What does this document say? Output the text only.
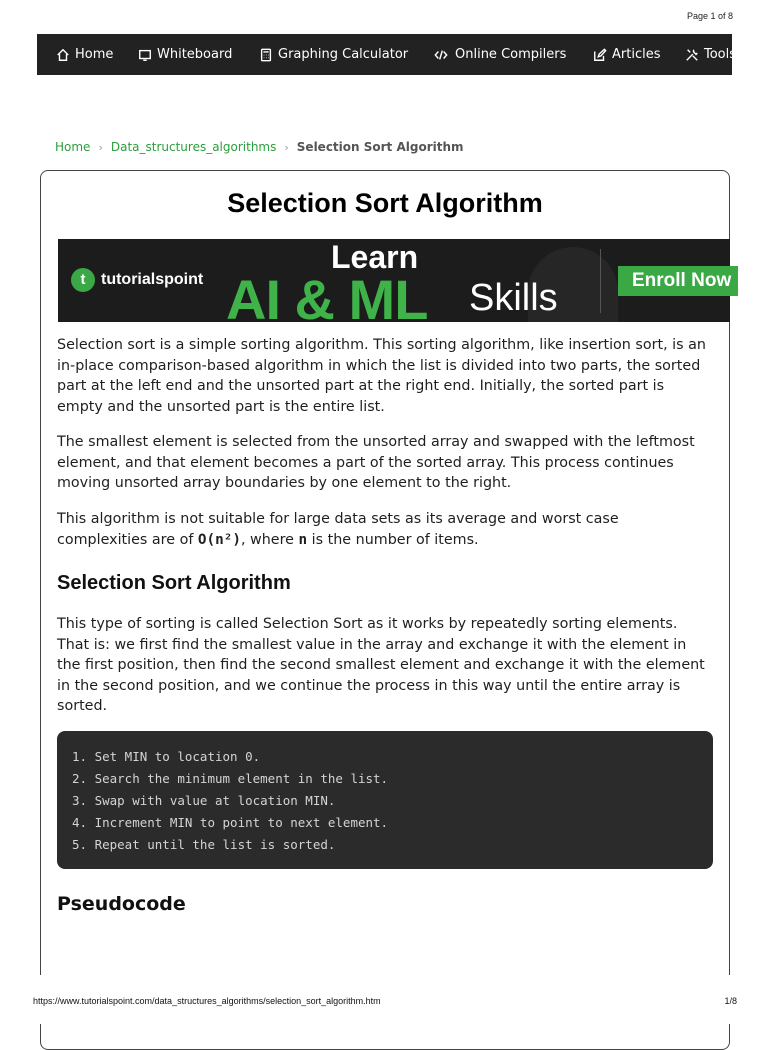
Page 1 of 8
Home	Whiteboard	Graphing Calculator	Online Compilers	Articles	Tools
Home › Data_structures_algorithms › Selection Sort Algorithm
Selection Sort Algorithm
t tutorialspoint
Learn
AI & ML Skills	Enroll Now

Selection sort is a simple sorting algorithm. This sorting algorithm, like insertion sort, is an in-place comparison-based algorithm in which the list is divided into two parts, the sorted part at the left end and the unsorted part at the right end. Initially, the sorted part is empty and the unsorted part is the entire list.

The smallest element is selected from the unsorted array and swapped with the leftmost element, and that element becomes a part of the sorted array. This process continues moving unsorted array boundaries by one element to the right.

This algorithm is not suitable for large data sets as its average and worst case complexities are of O(n²), where n is the number of items.

Selection Sort Algorithm

This type of sorting is called Selection Sort as it works by repeatedly sorting elements. That is: we first find the smallest value in the array and exchange it with the element in the first position, then find the second smallest element and exchange it with the element in the second position, and we continue the process in this way until the entire array is sorted.

1. Set MIN to location 0.
2. Search the minimum element in the list.
3. Swap with value at location MIN.
4. Increment MIN to point to next element.
5. Repeat until the list is sorted.
Pseudocode
https://www.tutorialspoint.com/data_structures_algorithms/selection_sort_algorithm.htm	1/8
